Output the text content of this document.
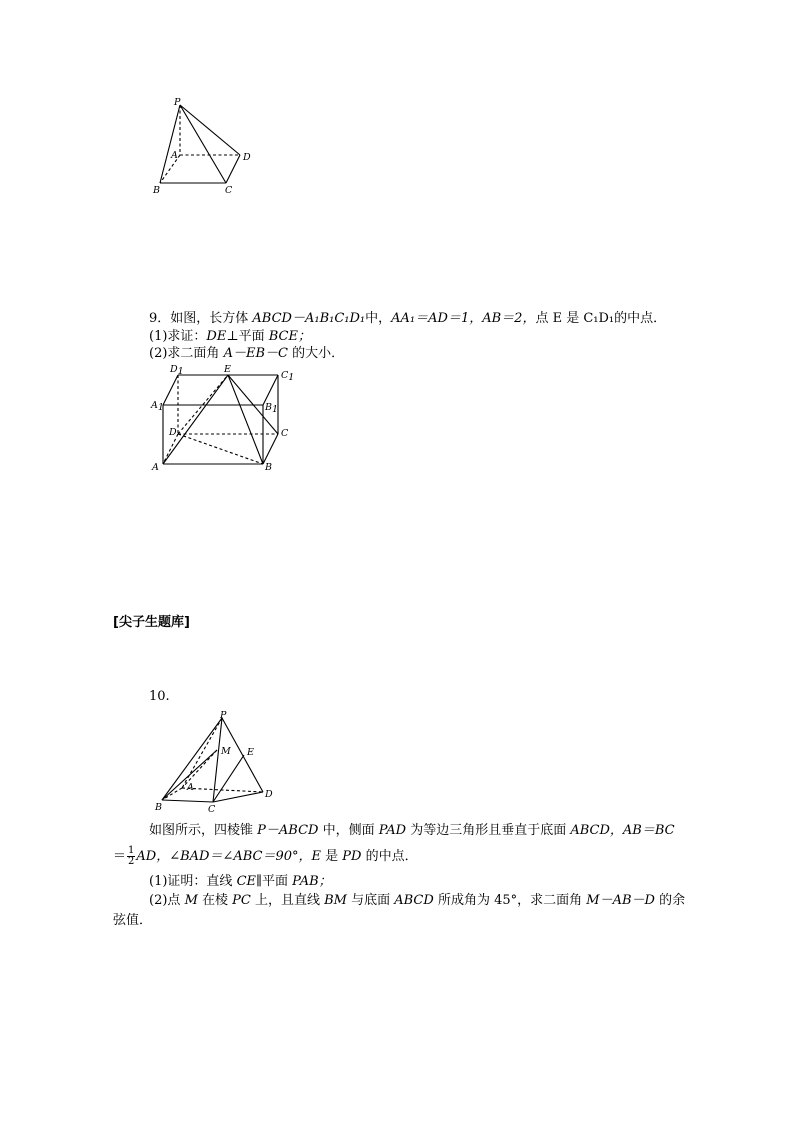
P
A	D
B	C
9．如图，长方体 ABCD－A₁B₁C₁D₁中，AA₁＝AD＝1，AB＝2，点 E 是 C₁D₁的中点．
(1)求证：DE⊥平面 BCE；
(2)求二面角 A－EB－C 的大小．
D1	E
C1
A1	B1
D	C
A	B
[尖子生题库]
10.
P
M E
A
B	C
D
如图所示，四棱锥 P－ABCD 中，侧面 PAD 为等边三角形且垂直于底面 ABCD，AB＝BC
＝ $\frac{1}{2}$ AD，∠BAD＝∠ABC＝90°，E 是 PD 的中点．
(1)证明：直线 CE∥平面 PAB；
(2)点 M 在棱 PC 上，且直线 BM 与底面 ABCD 所成角为 45°，求二面角 M－AB－D 的余
弦值．
